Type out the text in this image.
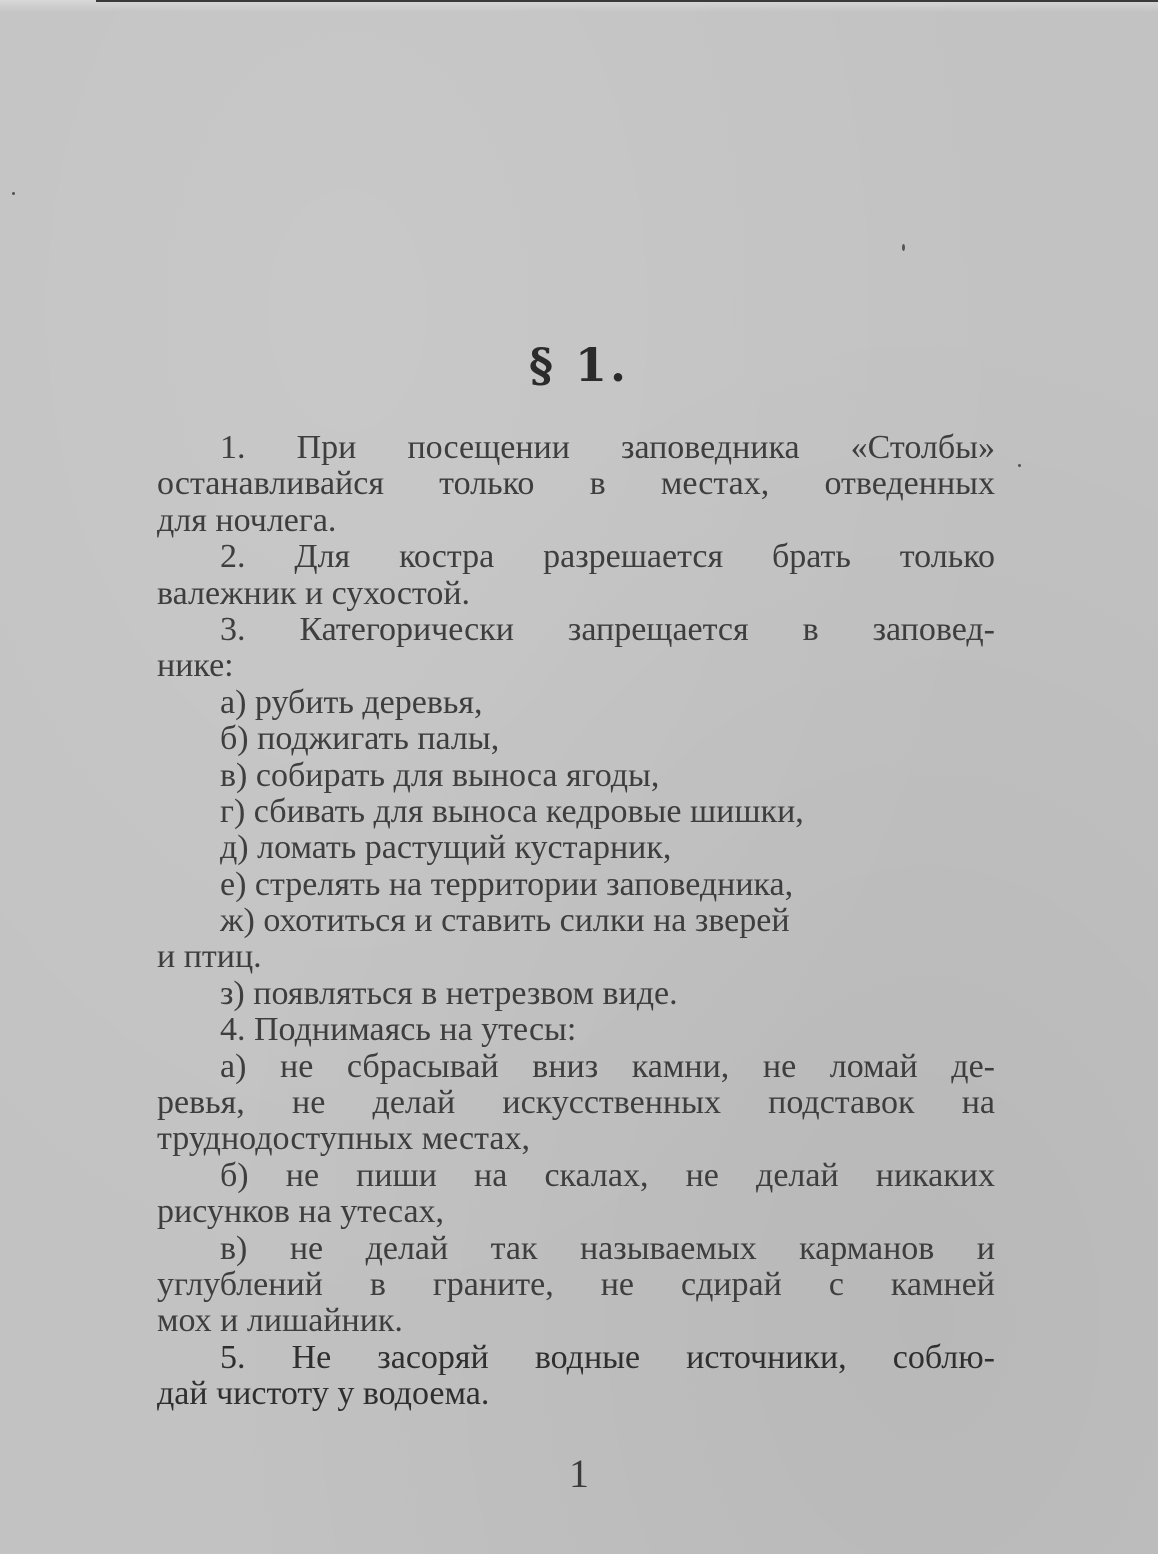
§ 1.
1. При посещении заповедника «Столбы»
останавливайся только в местах, отведенных
для ночлега.
2. Для костра разрешается брать только
валежник и сухостой.
3. Категорически запрещается в заповед-
нике:
а) рубить деревья,
б) поджигать палы,
в) собирать для выноса ягоды,
г) сбивать для выноса кедровые шишки,
д) ломать растущий кустарник,
е) стрелять на территории заповедника,
ж) охотиться и ставить силки на зверей
и птиц.
з) появляться в нетрезвом виде.
4. Поднимаясь на утесы:
а) не сбрасывай вниз камни, не ломай де-
ревья, не делай искусственных подставок на
труднодоступных местах,
б) не пиши на скалах, не делай никаких
рисунков на утесах,
в) не делай так называемых карманов и
углублений в граните, не сдирай с камней
мох и лишайник.
5. Не засоряй водные источники, соблю-
дай чистоту у водоема.
1
